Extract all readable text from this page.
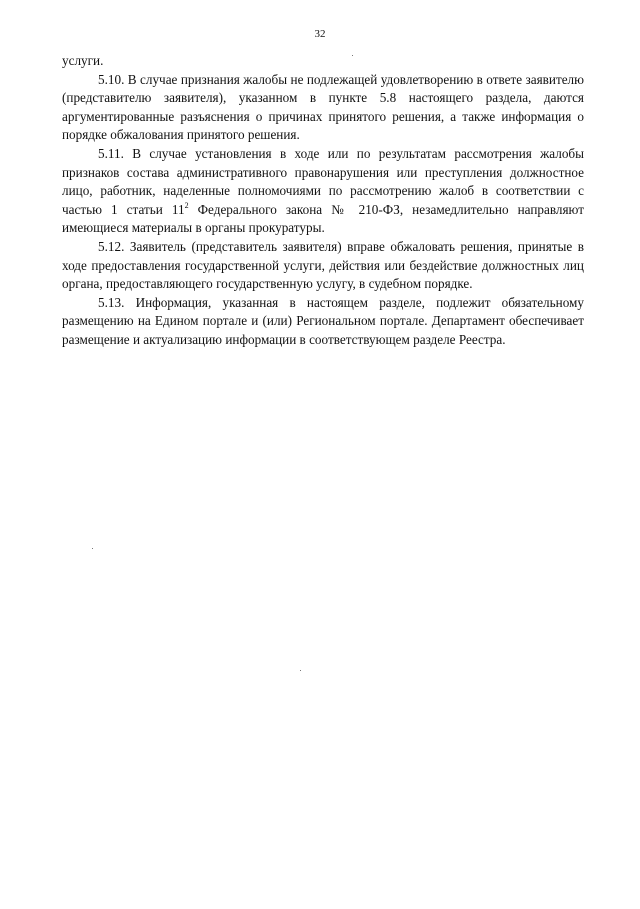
32

услуги.

5.10. В случае признания жалобы не подлежащей удовлетворению в ответе заявителю (представителю заявителя), указанном в пункте 5.8 настоящего раздела, даются аргументированные разъяснения о причинах принятого решения, а также информация о порядке обжалования принятого решения.

5.11. В случае установления в ходе или по результатам рассмотрения жалобы признаков состава административного правонарушения или преступления должностное лицо, работник, наделенные полномочиями по рассмотрению жалоб в соответствии с частью 1 статьи $11^2$ Федерального закона № 210-ФЗ, незамедлительно направляют имеющиеся материалы в органы прокуратуры.

5.12. Заявитель (представитель заявителя) вправе обжаловать решения, принятые в ходе предоставления государственной услуги, действия или бездействие должностных лиц органа, предоставляющего государственную услугу, в судебном порядке.

5.13. Информация, указанная в настоящем разделе, подлежит обязательному размещению на Едином портале и (или) Региональном портале. Департамент обеспечивает размещение и актуализацию информации в соответствующем разделе Реестра.
